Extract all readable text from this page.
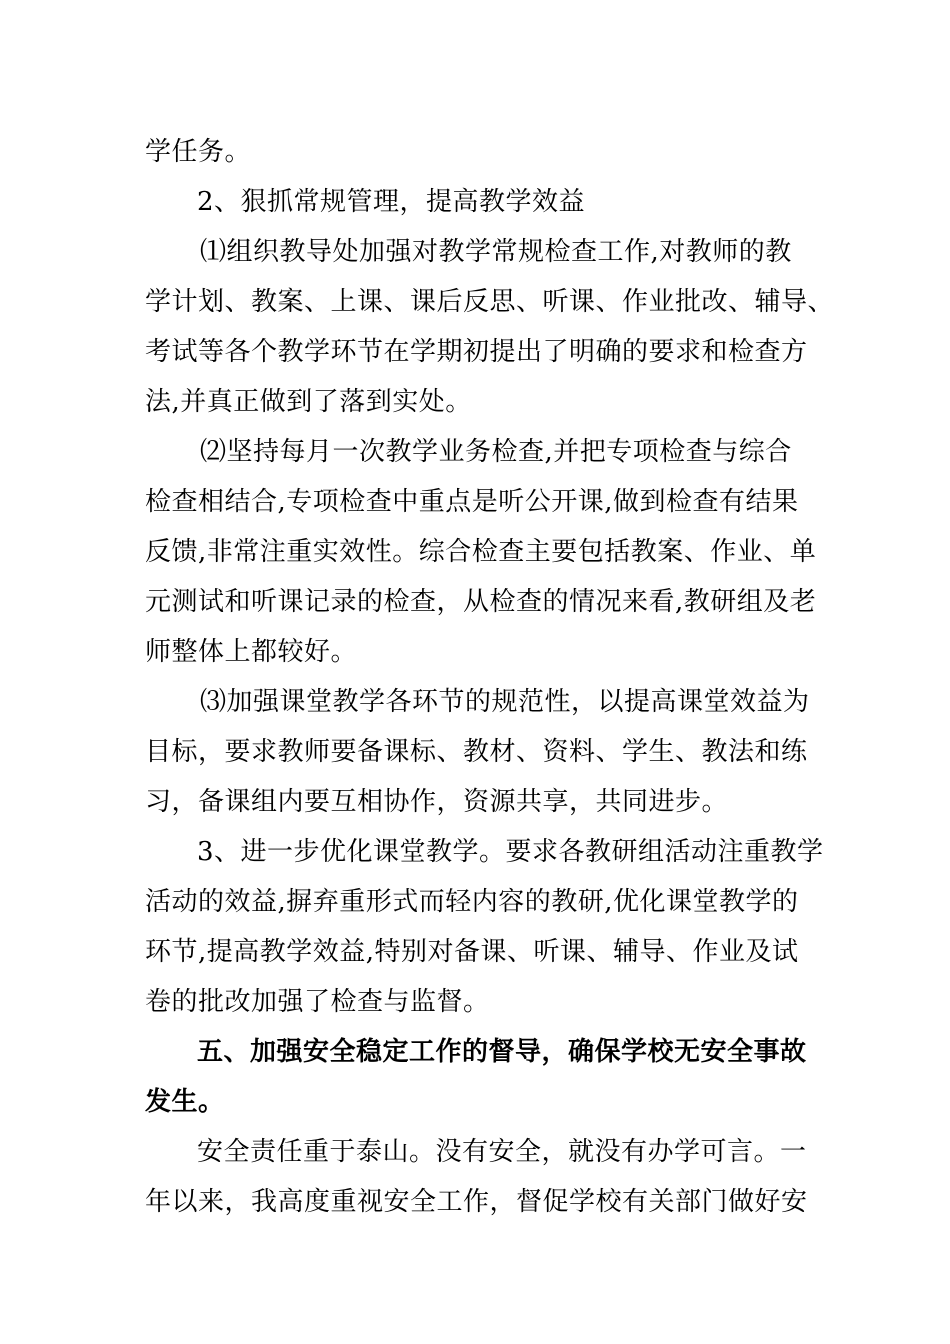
学任务。
2、狠抓常规管理，提高教学效益
⑴组织教导处加强对教学常规检查工作,对教师的教
学计划、教案、上课、课后反思、听课、作业批改、辅导、
考试等各个教学环节在学期初提出了明确的要求和检查方
法,并真正做到了落到实处。
⑵坚持每月一次教学业务检查,并把专项检查与综合
检查相结合,专项检查中重点是听公开课,做到检查有结果
反馈,非常注重实效性。综合检查主要包括教案、作业、单
元测试和听课记录的检查，从检查的情况来看,教研组及老
师整体上都较好。
⑶加强课堂教学各环节的规范性，以提高课堂效益为
目标，要求教师要备课标、教材、资料、学生、教法和练
习，备课组内要互相协作，资源共享，共同进步。
3、进一步优化课堂教学。要求各教研组活动注重教学
活动的效益,摒弃重形式而轻内容的教研,优化课堂教学的
环节,提高教学效益,特别对备课、听课、辅导、作业及试
卷的批改加强了检查与监督。
五、加强安全稳定工作的督导，确保学校无安全事故
发生。
安全责任重于泰山。没有安全，就没有办学可言。一
年以来，我高度重视安全工作，督促学校有关部门做好安
